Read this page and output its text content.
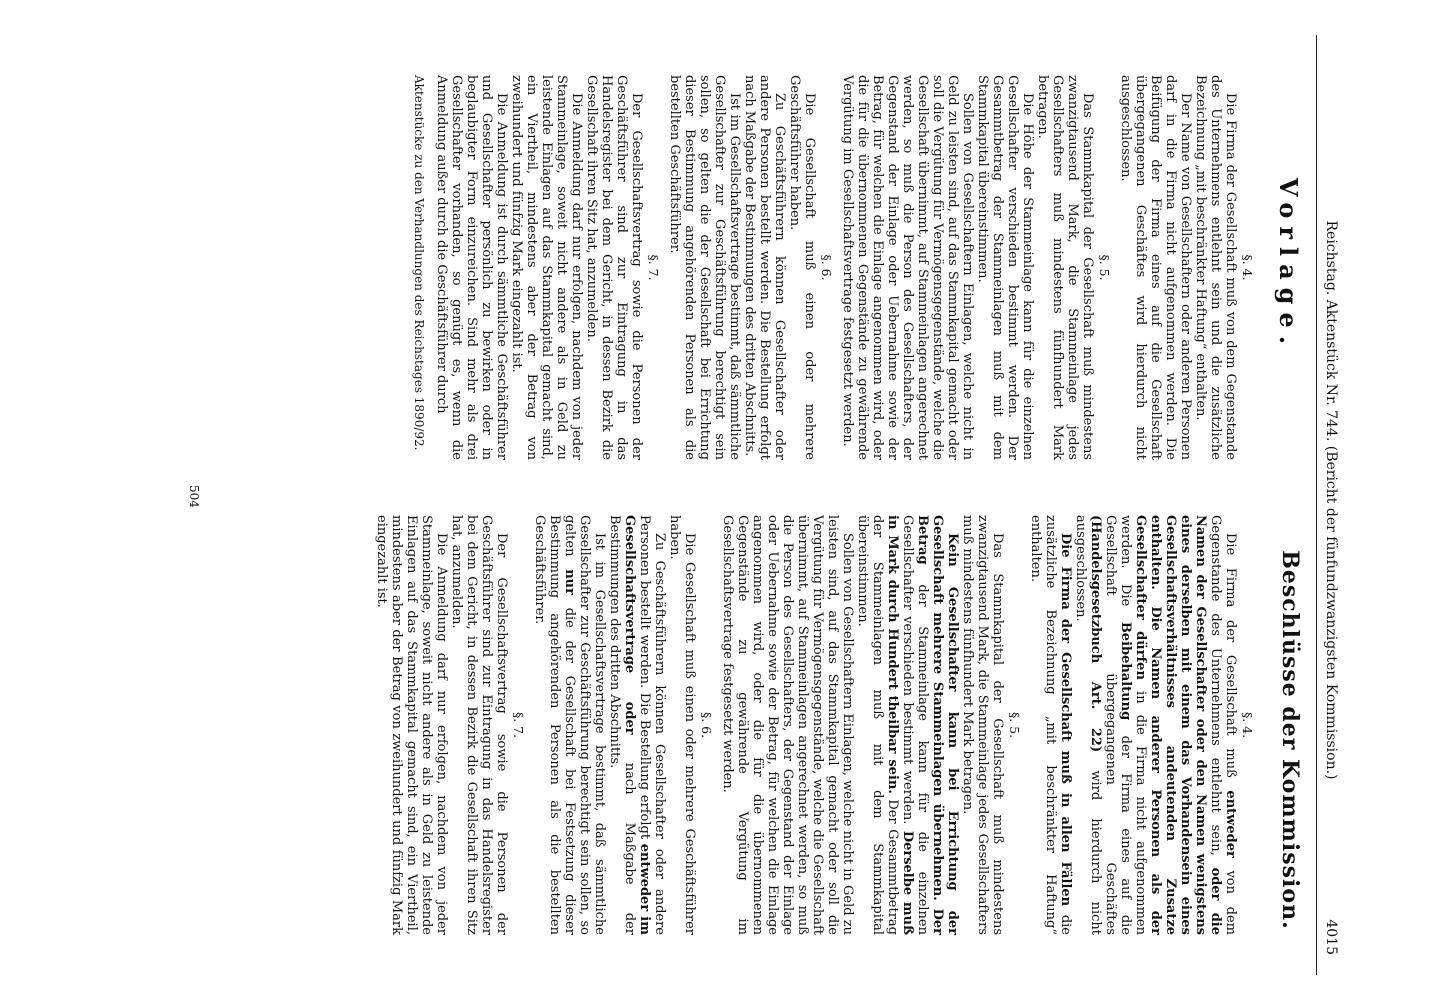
Reichstag. Aktenstück Nr. 744. (Bericht der fünfundzwanzigsten Kommission.)
4015
Vorlage.
Beschlüsse der Kommission.
§. 4.

Die Firma der Gesellschaft muß von dem Gegenstande des Unternehmens entlehnt sein und die zusätzliche Bezeichnung „mit beschränkter Haftung“ enthalten.

Der Name von Gesellschaftern oder anderen Personen darf in die Firma nicht aufgenommen werden. Die Beifügung der Firma eines auf die Gesellschaft übergegangenen Geschäftes wird hierdurch nicht ausgeschlossen.

§. 5.

Das Stammkapital der Gesellschaft muß mindestens zwanzigtausend Mark, die Stammeinlage jedes Gesellschafters muß mindestens fünfhundert Mark betragen.

Die Höhe der Stammeinlage kann für die einzelnen Gesellschafter verschieden bestimmt werden. Der Gesammtbetrag der Stammeinlagen muß mit dem Stammkapital übereinstimmen.

Sollen von Gesellschaftern Einlagen, welche nicht in Geld zu leisten sind, auf das Stammkapital gemacht oder soll die Vergütung für Vermögensgegenstände, welche die Gesellschaft übernimmt, auf Stammeinlagen angerechnet werden, so muß die Person des Gesellschafters, der Gegenstand der Einlage oder Uebernahme sowie der Betrag, für welchen die Einlage angenommen wird, oder die für die übernommenen Gegenstände zu gewährende Vergütung im Gesellschaftsvertrage festgesetzt werden.

§. 6.

Die Gesellschaft muß einen oder mehrere Geschäftsführer haben.

Zu Geschäftsführern können Gesellschafter oder andere Personen bestellt werden. Die Bestellung erfolgt nach Maßgabe der Bestimmungen des dritten Abschnitts.

Ist im Gesellschaftsvertrage bestimmt, daß sämmtliche Gesellschafter zur Geschäftsführung berechtigt sein sollen, so gelten die der Gesellschaft bei Errichtung dieser Bestimmung angehörenden Personen als die bestellten Geschäftsführer.

§. 7.

Der Gesellschaftsvertrag sowie die Personen der Geschäftsführer sind zur Eintragung in das Handelsregister bei dem Gericht, in dessen Bezirk die Gesellschaft ihren Sitz hat, anzumelden.

Die Anmeldung darf nur erfolgen, nachdem von jeder Stammeinlage, soweit nicht andere als in Geld zu leistende Einlagen auf das Stammkapital gemacht sind, ein Viertheil, mindestens aber der Betrag von zweihundert und fünfzig Mark eingezahlt ist.

Die Anmeldung ist durch sämmtliche Geschäftsführer und Gesellschafter persönlich zu bewirken oder in beglaubigter Form einzureichen. Sind mehr als drei Gesellschafter vorhanden, so genügt es, wenn die Anmeldung außer durch die Geschäftsführer durch

Aktenstücke zu den Verhandlungen des Reichstages 1890/92.
§. 4.

Die Firma der Gesellschaft muß entweder von dem Gegenstande des Unternehmens entlehnt sein, oder die Namen der Gesellschafter oder den Namen wenigstens eines derselben mit einem das Vorhandensein eines Gesellschaftsverhältnisses andeutenden Zusatze enthalten. Die Namen anderer Personen als der Gesellschafter dürfen in die Firma nicht aufgenommen werden. Die Beibehaltung der Firma eines auf die Gesellschaft übergegangenen Geschäftes (Handelsgesetzbuch Art. 22) wird hierdurch nicht ausgeschlossen.

Die Firma der Gesellschaft muß in allen Fällen die zusätzliche Bezeichnung „mit beschränkter Haftung“ enthalten.

§. 5.

Das Stammkapital der Gesellschaft muß mindestens zwanzigtausend Mark, die Stammeinlage jedes Gesellschafters muß mindestens fünfhundert Mark betragen.

Kein Gesellschafter kann bei Errichtung der Gesellschaft mehrere Stammeinlagen übernehmen. Der Betrag der Stammeinlage kann für die einzelnen Gesellschafter verschieden bestimmt werden. Derselbe muß in Mark durch Hundert theilbar sein. Der Gesammtbetrag der Stammeinlagen muß mit dem Stammkapital übereinstimmen.

Sollen von Gesellschaftern Einlagen, welche nicht in Geld zu leisten sind, auf das Stammkapital gemacht oder soll die Vergütung für Vermögensgegenstände, welche die Gesellschaft übernimmt, auf Stammeinlagen angerechnet werden, so muß die Person des Gesellschafters, der Gegenstand der Einlage oder Uebernahme sowie der Betrag, für welchen die Einlage angenommen wird, oder die für die übernommenen Gegenstände zu gewährende Vergütung im Gesellschaftsvertrage festgesetzt werden.

§. 6.

Die Gesellschaft muß einen oder mehrere Geschäftsführer haben.

Zu Geschäftsführern können Gesellschafter oder andere Personen bestellt werden. Die Bestellung erfolgt entweder im Gesellschaftsvertrage oder nach Maßgabe der Bestimmungen des dritten Abschnitts.

Ist im Gesellschaftsvertrage bestimmt, daß sämmtliche Gesellschafter zur Geschäftsführung berechtigt sein sollen, so gelten nur die der Gesellschaft bei Festsetzung dieser Bestimmung angehörenden Personen als die bestellten Geschäftsführer.

§. 7.

Der Gesellschaftsvertrag sowie die Personen der Geschäftsführer sind zur Eintragung in das Handelsregister bei dem Gericht, in dessen Bezirk die Gesellschaft ihren Sitz hat, anzumelden.

Die Anmeldung darf nur erfolgen, nachdem von jeder Stammeinlage, soweit nicht andere als in Geld zu leistende Einlagen auf das Stammkapital gemacht sind, ein Viertheil, mindestens aber der Betrag von zweihundert und fünfzig Mark eingezahlt ist.

504
